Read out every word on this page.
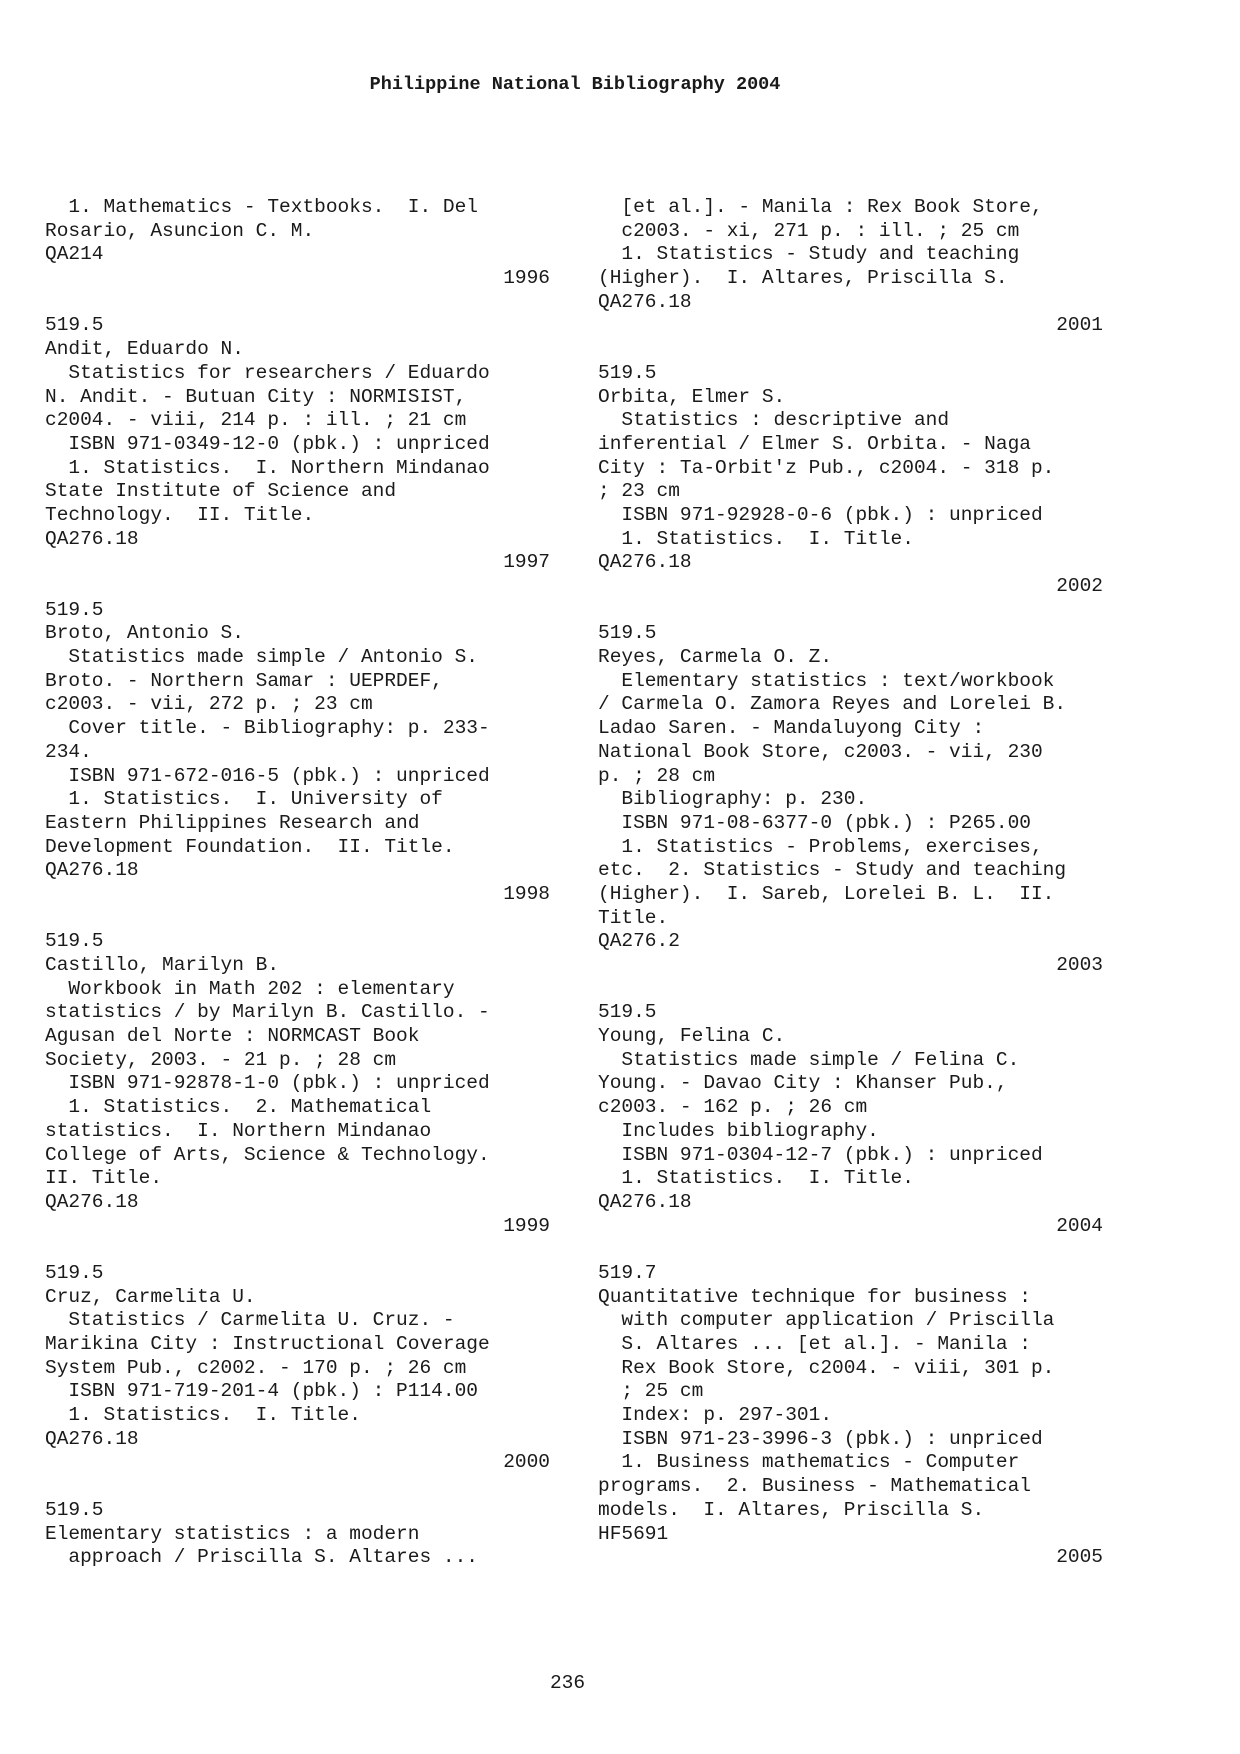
Philippine National Bibliography 2004
1. Mathematics - Textbooks.  I. Del
Rosario, Asuncion C. M.
QA214
1996
519.5
Andit, Eduardo N.
Statistics for researchers / Eduardo
N. Andit. - Butuan City : NORMISIST,
c2004. - viii, 214 p. : ill. ; 21 cm
ISBN 971-0349-12-0 (pbk.) : unpriced
1. Statistics.  I. Northern Mindanao
State Institute of Science and
Technology.  II. Title.
QA276.18
1997
519.5
Broto, Antonio S.
Statistics made simple / Antonio S.
Broto. - Northern Samar : UEPRDEF,
c2003. - vii, 272 p. ; 23 cm
Cover title. - Bibliography: p. 233-
234.
ISBN 971-672-016-5 (pbk.) : unpriced
1. Statistics.  I. University of
Eastern Philippines Research and
Development Foundation.  II. Title.
QA276.18
1998
519.5
Castillo, Marilyn B.
Workbook in Math 202 : elementary
statistics / by Marilyn B. Castillo. -
Agusan del Norte : NORMCAST Book
Society, 2003. - 21 p. ; 28 cm
ISBN 971-92878-1-0 (pbk.) : unpriced
1. Statistics.  2. Mathematical
statistics.  I. Northern Mindanao
College of Arts, Science & Technology.
II. Title.
QA276.18
1999
519.5
Cruz, Carmelita U.
Statistics / Carmelita U. Cruz. -
Marikina City : Instructional Coverage
System Pub., c2002. - 170 p. ; 26 cm
ISBN 971-719-201-4 (pbk.) : P114.00
1. Statistics.  I. Title.
QA276.18
2000
519.5
Elementary statistics : a modern
approach / Priscilla S. Altares ...
[et al.]. - Manila : Rex Book Store,
c2003. - xi, 271 p. : ill. ; 25 cm
1. Statistics - Study and teaching
(Higher).  I. Altares, Priscilla S.
QA276.18
2001
519.5
Orbita, Elmer S.
Statistics : descriptive and
inferential / Elmer S. Orbita. - Naga
City : Ta-Orbit'z Pub., c2004. - 318 p.
; 23 cm
ISBN 971-92928-0-6 (pbk.) : unpriced
1. Statistics.  I. Title.
QA276.18
2002
519.5
Reyes, Carmela O. Z.
Elementary statistics : text/workbook
/ Carmela O. Zamora Reyes and Lorelei B.
Ladao Saren. - Mandaluyong City :
National Book Store, c2003. - vii, 230
p. ; 28 cm
Bibliography: p. 230.
ISBN 971-08-6377-0 (pbk.) : P265.00
1. Statistics - Problems, exercises,
etc.  2. Statistics - Study and teaching
(Higher).  I. Sareb, Lorelei B. L.  II.
Title.
QA276.2
2003
519.5
Young, Felina C.
Statistics made simple / Felina C.
Young. - Davao City : Khanser Pub.,
c2003. - 162 p. ; 26 cm
Includes bibliography.
ISBN 971-0304-12-7 (pbk.) : unpriced
1. Statistics.  I. Title.
QA276.18
2004
519.7
Quantitative technique for business :
with computer application / Priscilla
S. Altares ... [et al.]. - Manila :
Rex Book Store, c2004. - viii, 301 p.
; 25 cm
Index: p. 297-301.
ISBN 971-23-3996-3 (pbk.) : unpriced
1. Business mathematics - Computer
programs.  2. Business - Mathematical
models.  I. Altares, Priscilla S.
HF5691
2005
236
